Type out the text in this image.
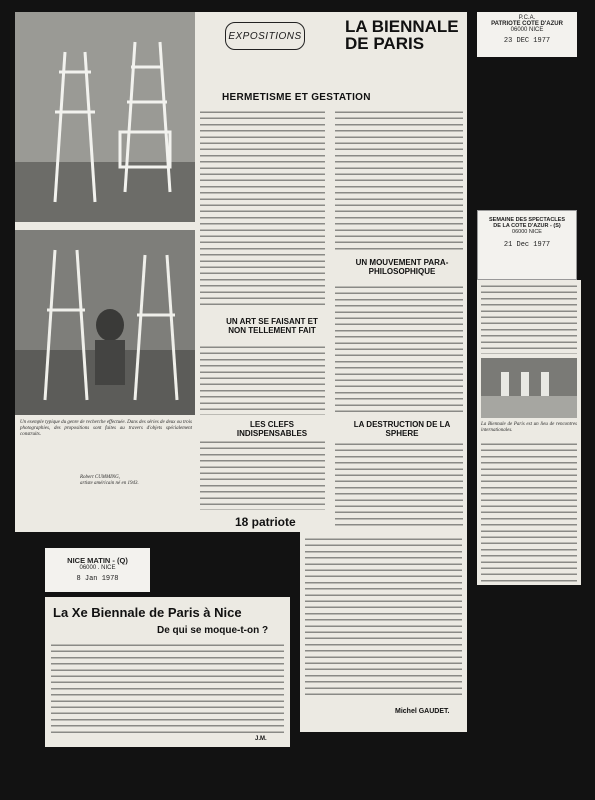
Un exemple typique du genre de recherche effectuée. Dans des séries de deux ou trois photographies, des propositions sont faites au travers d'objets spécialement construits.
Robert CUMMING,
artiste américain né en 1943.
EXPOSITIONS	LA BIENNALE DE PARIS
HERMETISME ET GESTATION
UN ART SE FAISANT ET NON TELLEMENT FAIT
LES CLEFS INDISPENSABLES
UN MOUVEMENT PARA-PHILOSOPHIQUE
LA DESTRUCTION DE LA SPHERE
18 patriote
Michel GAUDET.
P.C.A.
PATRIOTE COTE D'AZUR
06000 NICE
23 DEC 1977
SEMAINE DES SPECTACLES
DE LA COTE D'AZUR - (S)
06000 NICE
21 Dec 1977
La Biennale de Paris est un lieu de rencontres internationales.
NICE MATIN - (Q)
06000 . NICE
8 Jan 1978
La Xe Biennale de Paris à Nice
De qui se moque-t-on ?
J.M.
